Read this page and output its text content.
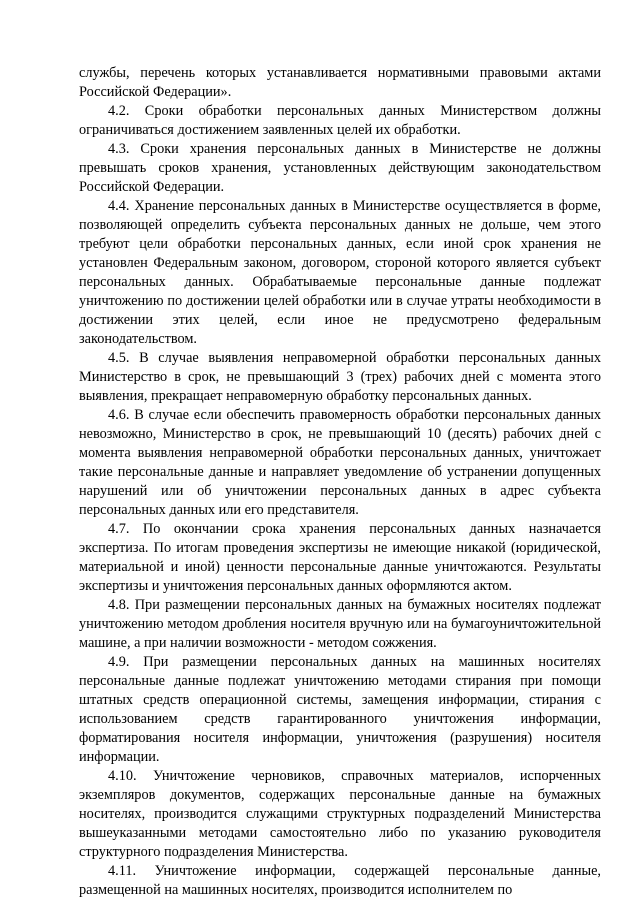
службы, перечень которых устанавливается нормативными правовыми актами Российской Федерации».

4.2. Сроки обработки персональных данных Министерством должны ограничиваться достижением заявленных целей их обработки.

4.3. Сроки хранения персональных данных в Министерстве не должны превышать сроков хранения, установленных действующим законодательством Российской Федерации.

4.4. Хранение персональных данных в Министерстве осуществляется в форме, позволяющей определить субъекта персональных данных не дольше, чем этого требуют цели обработки персональных данных, если иной срок хранения не установлен Федеральным законом, договором, стороной которого является субъект персональных данных. Обрабатываемые персональные данные подлежат уничтожению по достижении целей обработки или в случае утраты необходимости в достижении этих целей, если иное не предусмотрено федеральным законодательством.

4.5. В случае выявления неправомерной обработки персональных данных Министерство в срок, не превышающий 3 (трех) рабочих дней с момента этого выявления, прекращает неправомерную обработку персональных данных.

4.6. В случае если обеспечить правомерность обработки персональных данных невозможно, Министерство в срок, не превышающий 10 (десять) рабочих дней с момента выявления неправомерной обработки персональных данных, уничтожает такие персональные данные и направляет уведомление об устранении допущенных нарушений или об уничтожении персональных данных в адрес субъекта персональных данных или его представителя.

4.7. По окончании срока хранения персональных данных назначается экспертиза. По итогам проведения экспертизы не имеющие никакой (юридической, материальной и иной) ценности персональные данные уничтожаются. Результаты экспертизы и уничтожения персональных данных оформляются актом.

4.8. При размещении персональных данных на бумажных носителях подлежат уничтожению методом дробления носителя вручную или на бумагоуничтожительной машине, а при наличии возможности - методом сожжения.

4.9. При размещении персональных данных на машинных носителях персональные данные подлежат уничтожению методами стирания при помощи штатных средств операционной системы, замещения информации, стирания с использованием средств гарантированного уничтожения информации, форматирования носителя информации, уничтожения (разрушения) носителя информации.

4.10. Уничтожение черновиков, справочных материалов, испорченных экземпляров документов, содержащих персональные данные на бумажных носителях, производится служащими структурных подразделений Министерства вышеуказанными методами самостоятельно либо по указанию руководителя структурного подразделения Министерства.

4.11. Уничтожение информации, содержащей персональные данные, размещенной на машинных носителях, производится исполнителем по
